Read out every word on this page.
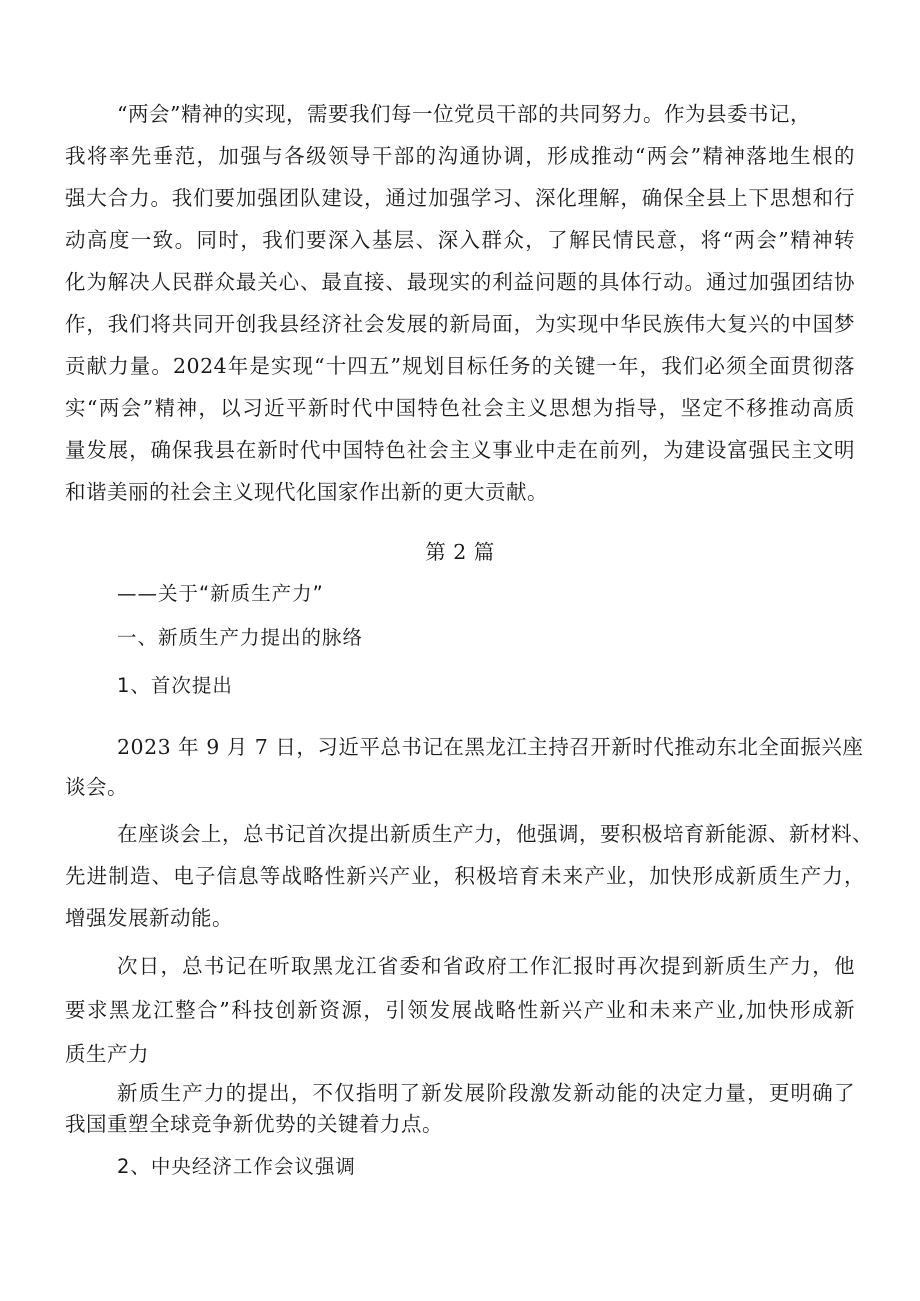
“两会”精神的实现，需要我们每一位党员干部的共同努力。作为县委书记，
我将率先垂范，加强与各级领导干部的沟通协调，形成推动“两会”精神落地生根的
强大合力。我们要加强团队建设，通过加强学习、深化理解，确保全县上下思想和行
动高度一致。同时，我们要深入基层、深入群众，了解民情民意，将“两会”精神转
化为解决人民群众最关心、最直接、最现实的利益问题的具体行动。通过加强团结协
作，我们将共同开创我县经济社会发展的新局面，为实现中华民族伟大复兴的中国梦
贡献力量。2024年是实现“十四五”规划目标任务的关键一年，我们必须全面贯彻落
实“两会”精神，以习近平新时代中国特色社会主义思想为指导，坚定不移推动高质
量发展，确保我县在新时代中国特色社会主义事业中走在前列，为建设富强民主文明
和谐美丽的社会主义现代化国家作出新的更大贡献。
第 2 篇
——关于“新质生产力”
一、新质生产力提出的脉络
1、首次提出
2023 年 9 月 7 日，习近平总书记在黑龙江主持召开新时代推动东北全面振兴座
谈会。
在座谈会上，总书记首次提出新质生产力，他强调，要积极培育新能源、新材料、
先进制造、电子信息等战略性新兴产业，积极培育未来产业，加快形成新质生产力，
增强发展新动能。
次日，总书记在听取黑龙江省委和省政府工作汇报时再次提到新质生产力，他
要求黑龙江整合”科技创新资源，引领发展战略性新兴产业和未来产业,加快形成新
质生产力
新质生产力的提出，不仅指明了新发展阶段激发新动能的决定力量，更明确了
我国重塑全球竞争新优势的关键着力点。
2、中央经济工作会议强调
